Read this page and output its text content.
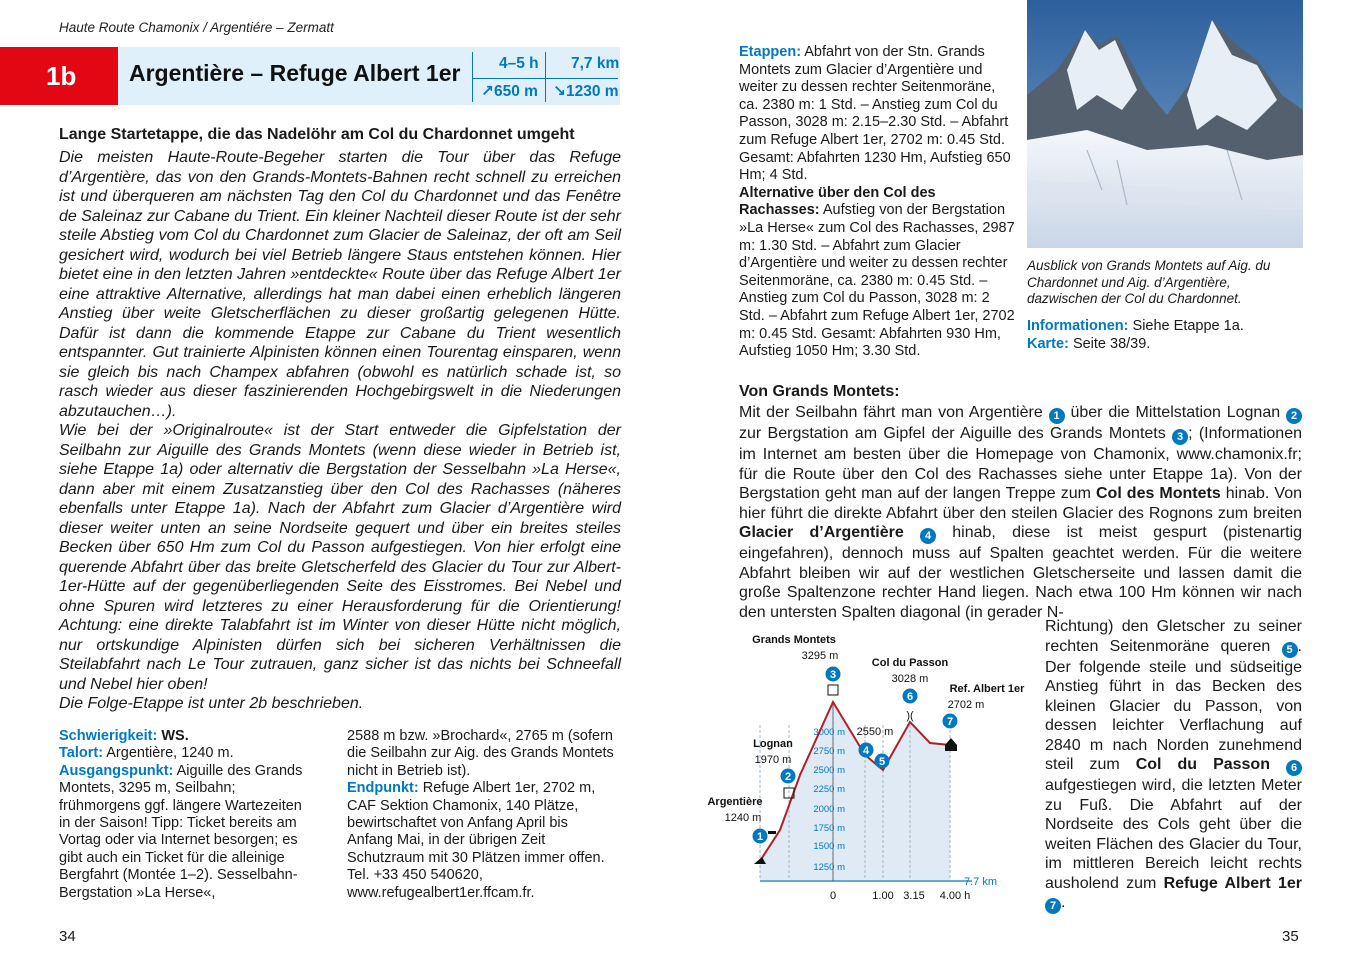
Haute Route Chamonix / Argentiére – Zermatt
1b	Argentière – Refuge Albert 1er 4–5 h 7,7 km
↗650 m ↘1230 m
Lange Startetappe, die das Nadelöhr am Col du Chardonnet umgeht

Die meisten Haute-Route-Begeher starten die Tour über das Refuge d’Argentière, das von den Grands-Montets-Bahnen recht schnell zu erreichen ist und überqueren am nächsten Tag den Col du Chardonnet und das Fenêtre de Saleinaz zur Cabane du Trient. Ein kleiner Nachteil dieser Route ist der sehr steile Abstieg vom Col du Chardonnet zum Glacier de Saleinaz, der oft am Seil gesichert wird, wodurch bei viel Betrieb längere Staus entstehen können. Hier bietet eine in den letzten Jahren »entdeckte« Route über das Refuge Albert 1er eine attraktive Alternative, allerdings hat man dabei einen erheblich längeren Anstieg über weite Gletscherflächen zu dieser großartig gelegenen Hütte. Dafür ist dann die kommende Etappe zur Cabane du Trient wesentlich entspannter. Gut trainierte Alpinisten können einen Tourentag einsparen, wenn sie gleich bis nach Champex abfahren (obwohl es natürlich schade ist, so rasch wieder aus dieser faszinierenden Hochgebirgswelt in die Niederungen abzutauchen…).

Wie bei der »Originalroute« ist der Start entweder die Gipfelstation der Seilbahn zur Aiguille des Grands Montets (wenn diese wieder in Betrieb ist, siehe Etappe 1a) oder alternativ die Bergstation der Sesselbahn »La Herse«, dann aber mit einem Zusatzanstieg über den Col des Rachasses (näheres ebenfalls unter Etappe 1a). Nach der Abfahrt zum Glacier d’Argentière wird dieser weiter unten an seine Nordseite gequert und über ein breites steiles Becken über 650 Hm zum Col du Passon aufgestiegen. Von hier erfolgt eine querende Abfahrt über das breite Gletscherfeld des Glacier du Tour zur Albert-1er-Hütte auf der gegenüberliegenden Seite des Eisstromes. Bei Nebel und ohne Spuren wird letzteres zu einer Herausforderung für die Orientierung! Achtung: eine direkte Talabfahrt ist im Winter von dieser Hütte nicht möglich, nur ortskundige Alpinisten dürfen sich bei sicheren Verhältnissen die Steilabfahrt nach Le Tour zutrauen, ganz sicher ist das nichts bei Schneefall und Nebel hier oben!

Die Folge-Etappe ist unter 2b beschrieben.

Schwierigkeit: WS.

Talort: Argentière, 1240 m.

Ausgangspunkt: Aiguille des Grands Montets, 3295 m, Seilbahn; frühmorgens ggf. längere Wartezeiten in der Saison! Tipp: Ticket bereits am Vortag oder via Internet besorgen; es gibt auch ein Ticket für die alleinige Bergfahrt (Montée 1–2). Sesselbahn-Bergstation »La Herse«,

2588 m bzw. »Brochard«, 2765 m (sofern die Seilbahn zur Aig. des Grands Montets nicht in Betrieb ist).

Endpunkt: Refuge Albert 1er, 2702 m, CAF Sektion Chamonix, 140 Plätze, bewirtschaftet von Anfang April bis Anfang Mai, in der übrigen Zeit Schutzraum mit 30 Plätzen immer offen. Tel. +33 450 540620, www.refugealbert1er.ffcam.fr.

34

Etappen: Abfahrt von der Stn. Grands Montets zum Glacier d’Argentière und weiter zu dessen rechter Seitenmoräne, ca. 2380 m: 1 Std. – Anstieg zum Col du Passon, 3028 m: 2.15–2.30 Std. – Abfahrt zum Refuge Albert 1er, 2702 m: 0.45 Std. Gesamt: Abfahrten 1230 Hm, Aufstieg 650 Hm; 4 Std.

Alternative über den Col des Rachasses: Aufstieg von der Bergstation »La Herse« zum Col des Rachasses, 2987 m: 1.30 Std. – Abfahrt zum Glacier d’Argentière und weiter zu dessen rechter Seitenmoräne, ca. 2380 m: 0.45 Std. – Anstieg zum Col du Passon, 3028 m: 2 Std. – Abfahrt zum Refuge Albert 1er, 2702 m: 0.45 Std. Gesamt: Abfahrten 930 Hm, Aufstieg 1050 Hm; 3.30 Std.

Ausblick von Grands Montets auf Aig. du Chardonnet und Aig. d’Argentière, dazwischen der Col du Chardonnet.

Informationen: Siehe Etappe 1a.

Karte: Seite 38/39.

Von Grands Montets:

Mit der Seilbahn fährt man von Argentière 1 über die Mittelstation Lognan 2 zur Bergstation am Gipfel der Aiguille des Grands Montets 3 ; (Informationen im Internet am besten über die Homepage von Chamonix, www.chamonix.fr; für die Route über den Col des Rachasses siehe unter Etappe 1a). Von der Bergstation geht man auf der langen Treppe zum Col des Montets hinab. Von hier führt die direkte Abfahrt über den steilen Glacier des Rognons zum breiten Glacier d’Argentière 4 hinab, diese ist meist gespurt (pistenartig eingefahren), dennoch muss auf Spalten geachtet werden. Für die weitere Abfahrt bleiben wir auf der westlichen Gletscherseite und lassen damit die große Spaltenzone rechter Hand liegen. Nach etwa 100 Hm können wir nach den untersten Spalten diagonal (in gerader N-

Richtung) den Gletscher zu seiner rechten Seitenmoräne queren 5 . Der folgende steile und südseitige Anstieg führt in das Becken des kleinen Glacier du Passon, von dessen leichter Verflachung auf 2840 m nach Norden zunehmend steil zum Col du Passon 6 aufgestiegen wird, die letzten Meter zu Fuß. Die Abfahrt auf der Nordseite des Cols geht über die weiten Flächen des Glacier du Tour, im mittleren Bereich leicht rechts ausholend zum Refuge Albert 1er 7 .

1250 m
1500 m
1750 m
2000 m
2250 m
2500 m
2750 m
3000 m
Grands Montets
3295 m
Col du Passon
3028 m
Ref. Albert 1er
2702 m
Lognan
1970 m
Argentière
1240 m
2550 m
1
2
3
4
5
6
7
)(
7.7 km
0	1.00 3.15 4.00 h
35
